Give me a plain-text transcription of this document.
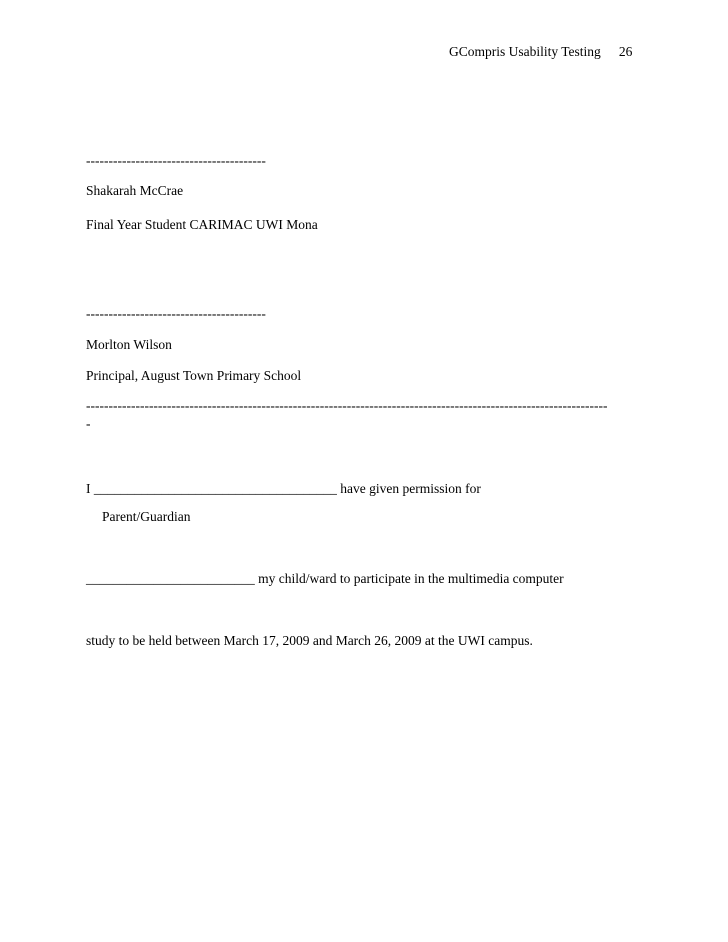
GCompris Usability Testing 26
----------------------------------------
Shakarah McCrae
Final Year Student CARIMAC UWI Mona
----------------------------------------
Morlton Wilson
Principal, August Town Primary School
--------------------------------------------------------------------------------------------------------------------
-
I ____________________________________ have given permission for
Parent/Guardian
_________________________ my child/ward to participate in the multimedia computer
study to be held between March 17, 2009 and March 26, 2009 at the UWI campus.
